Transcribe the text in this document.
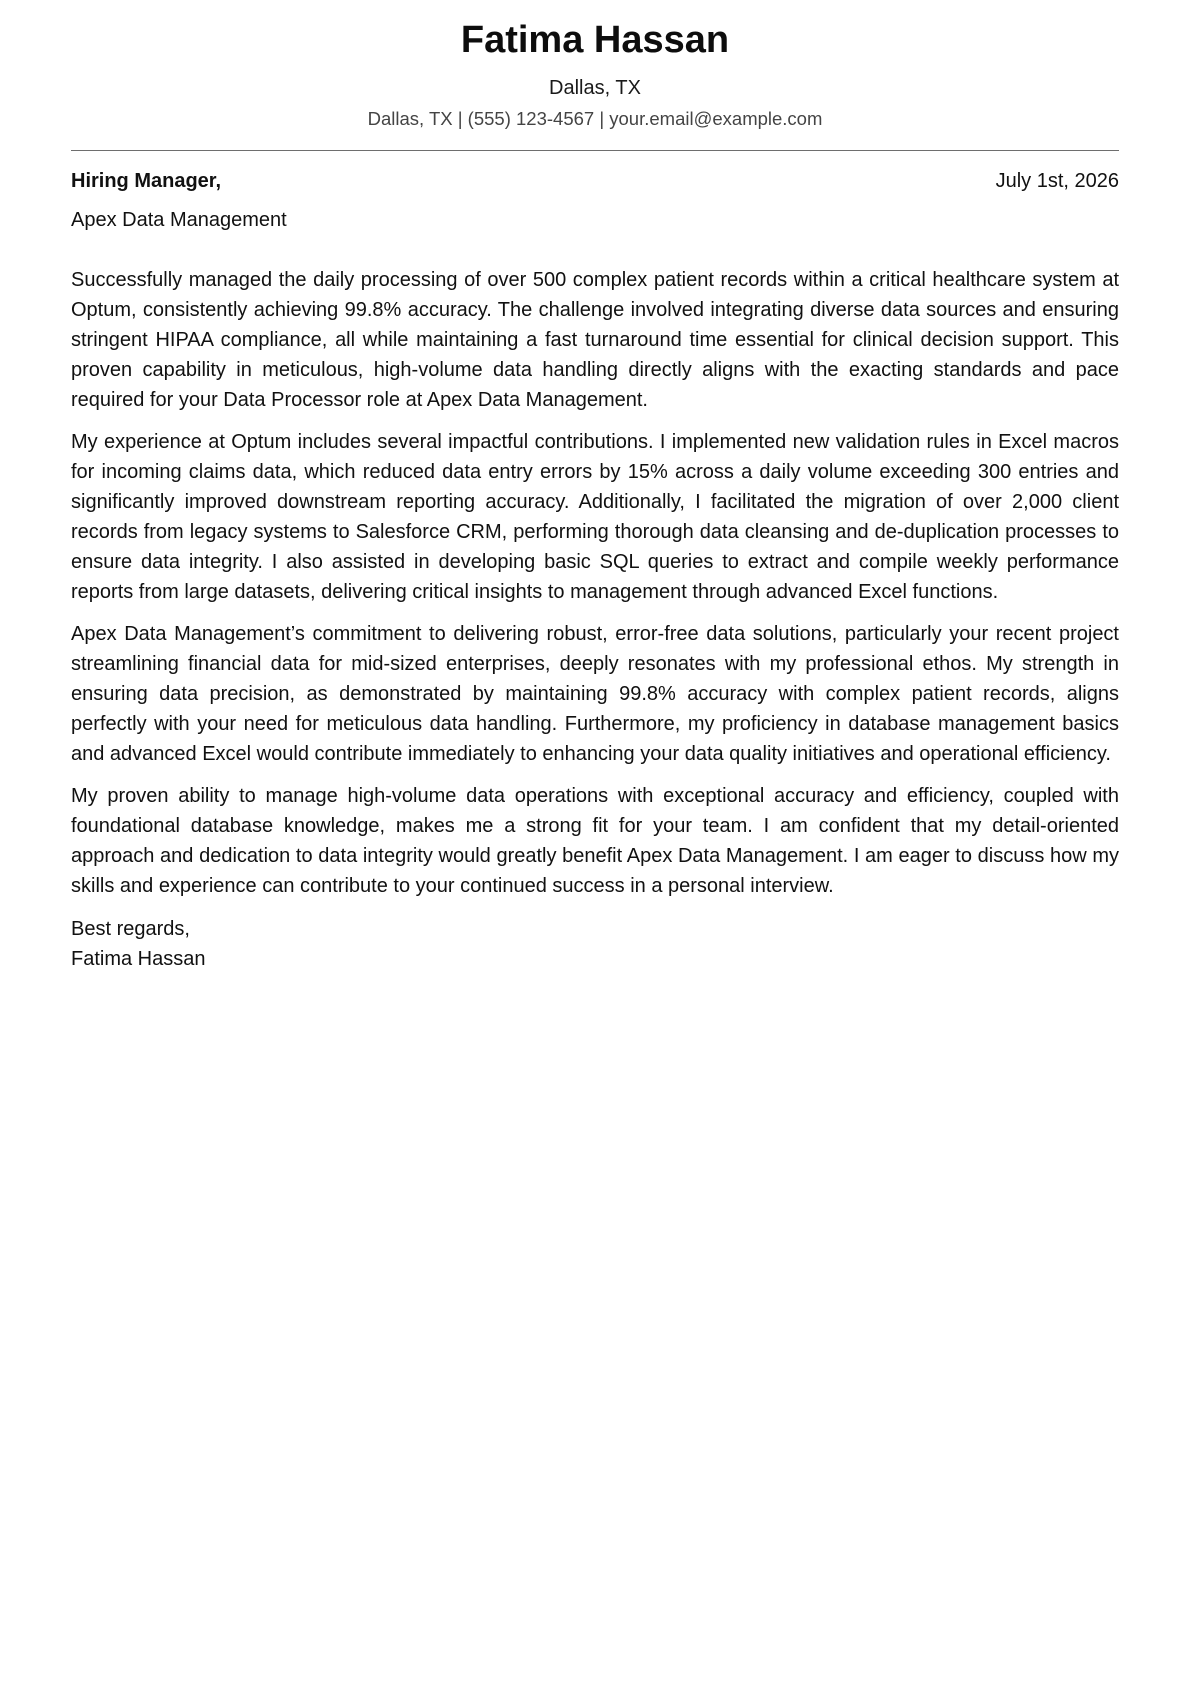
Fatima Hassan
Dallas, TX
Dallas, TX | (555) 123-4567 | your.email@example.com
Hiring Manager,	July 1st, 2026
Apex Data Management

Successfully managed the daily processing of over 500 complex patient records within a critical healthcare system at Optum, consistently achieving 99.8% accuracy. The challenge involved integrating diverse data sources and ensuring stringent HIPAA compliance, all while maintaining a fast turnaround time essential for clinical decision support. This proven capability in meticulous, high-volume data handling directly aligns with the exacting standards and pace required for your Data Processor role at Apex Data Management.

My experience at Optum includes several impactful contributions. I implemented new validation rules in Excel macros for incoming claims data, which reduced data entry errors by 15% across a daily volume exceeding 300 entries and significantly improved downstream reporting accuracy. Additionally, I facilitated the migration of over 2,000 client records from legacy systems to Salesforce CRM, performing thorough data cleansing and de-duplication processes to ensure data integrity. I also assisted in developing basic SQL queries to extract and compile weekly performance reports from large datasets, delivering critical insights to management through advanced Excel functions.

Apex Data Management’s commitment to delivering robust, error-free data solutions, particularly your recent project streamlining financial data for mid-sized enterprises, deeply resonates with my professional ethos. My strength in ensuring data precision, as demonstrated by maintaining 99.8% accuracy with complex patient records, aligns perfectly with your need for meticulous data handling. Furthermore, my proficiency in database management basics and advanced Excel would contribute immediately to enhancing your data quality initiatives and operational efficiency.

My proven ability to manage high-volume data operations with exceptional accuracy and efficiency, coupled with foundational database knowledge, makes me a strong fit for your team. I am confident that my detail-oriented approach and dedication to data integrity would greatly benefit Apex Data Management. I am eager to discuss how my skills and experience can contribute to your continued success in a personal interview.

Best regards,
Fatima Hassan
